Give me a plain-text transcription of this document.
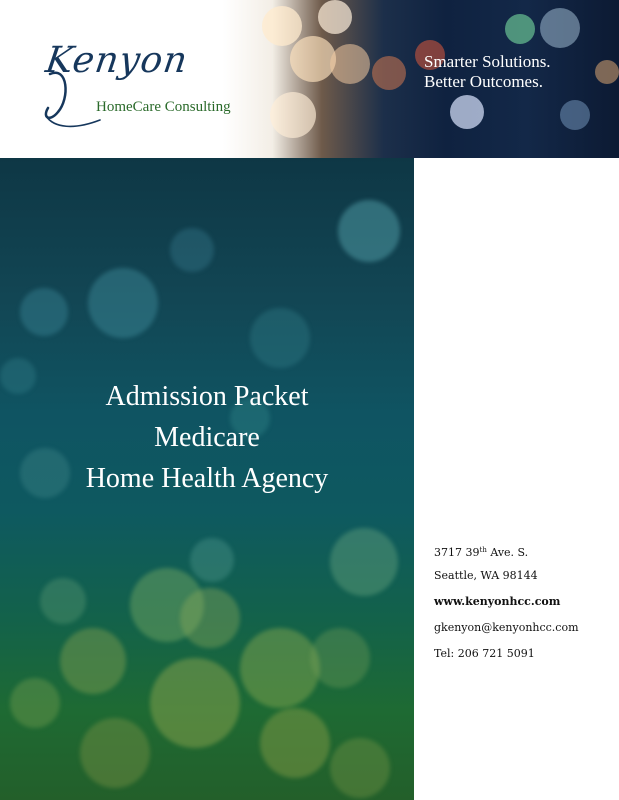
Kenyon
HomeCare Consulting
Smarter Solutions.
Better Outcomes.
Admission Packet
Medicare
Home Health Agency
3717 39th Ave. S.
Seattle, WA 98144
www.kenyonhcc.com
gkenyon@kenyonhcc.com
Tel: 206 721 5091
